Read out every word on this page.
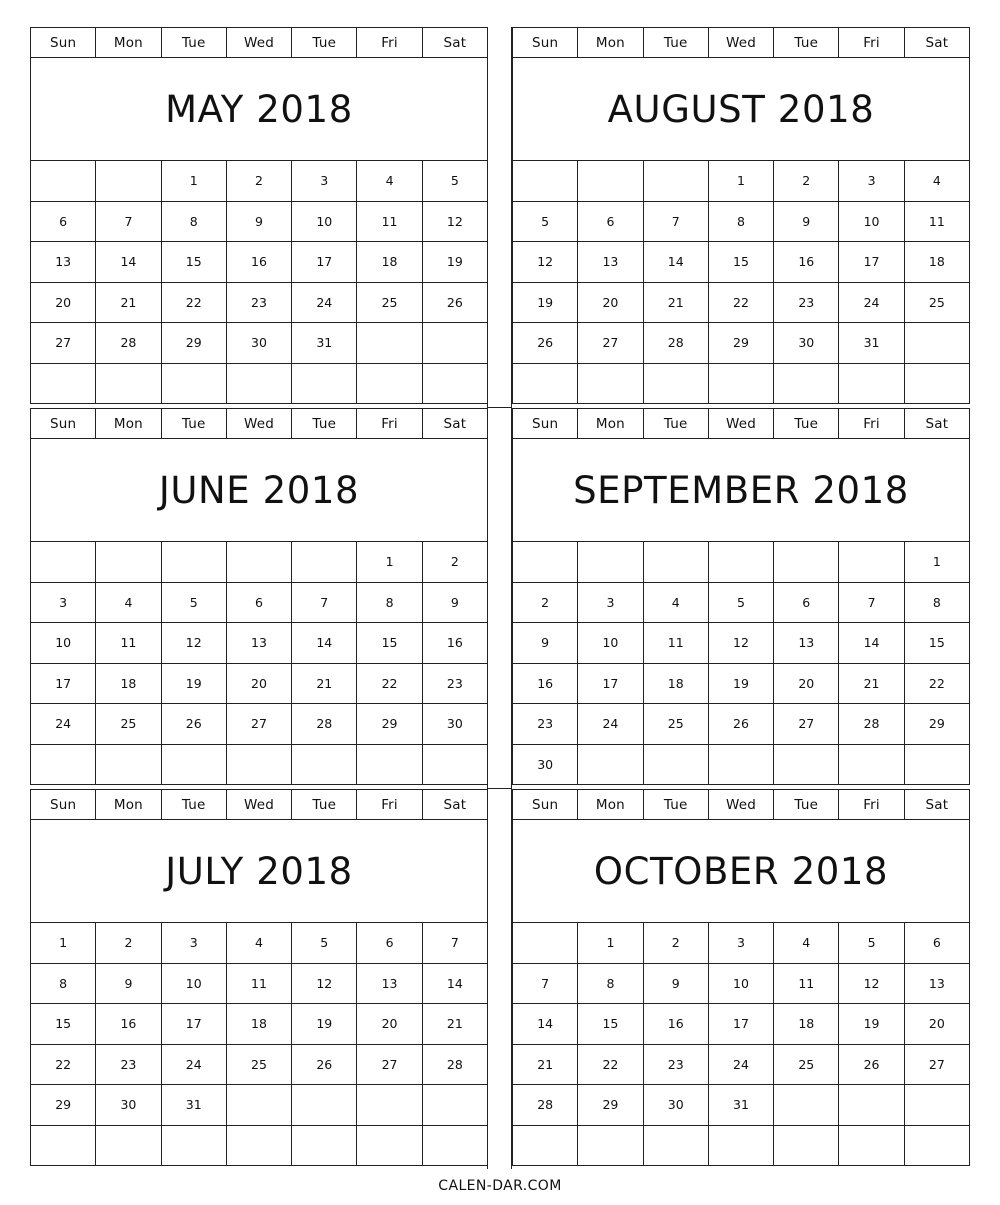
Sun	Mon	Tue	Wed	Tue	Fri	Sat
MAY 2018						
		1	2	3	4	5
6	7	8	9	10	11	12
13	14	15	16	17	18	19
20	21	22	23	24	25	26
27	28	29	30	31		

Sun	Mon	Tue	Wed	Tue	Fri	Sat
AUGUST 2018						
			1	2	3	4
5	6	7	8	9	10	11
12	13	14	15	16	17	18
19	20	21	22	23	24	25
26	27	28	29	30	31	

Sun	Mon	Tue	Wed	Tue	Fri	Sat
JUNE 2018						
					1	2
3	4	5	6	7	8	9
10	11	12	13	14	15	16
17	18	19	20	21	22	23
24	25	26	27	28	29	30

Sun	Mon	Tue	Wed	Tue	Fri	Sat
SEPTEMBER 2018						
						1
2	3	4	5	6	7	8
9	10	11	12	13	14	15
16	17	18	19	20	21	22
23	24	25	26	27	28	29
30						
Sun	Mon	Tue	Wed	Tue	Fri	Sat
JULY 2018						
1	2	3	4	5	6	7
8	9	10	11	12	13	14
15	16	17	18	19	20	21
22	23	24	25	26	27	28
29	30	31				

Sun	Mon	Tue	Wed	Tue	Fri	Sat
OCTOBER 2018						
	1	2	3	4	5	6
7	8	9	10	11	12	13
14	15	16	17	18	19	20
21	22	23	24	25	26	27
28	29	30	31			

CALEN-DAR.COM
